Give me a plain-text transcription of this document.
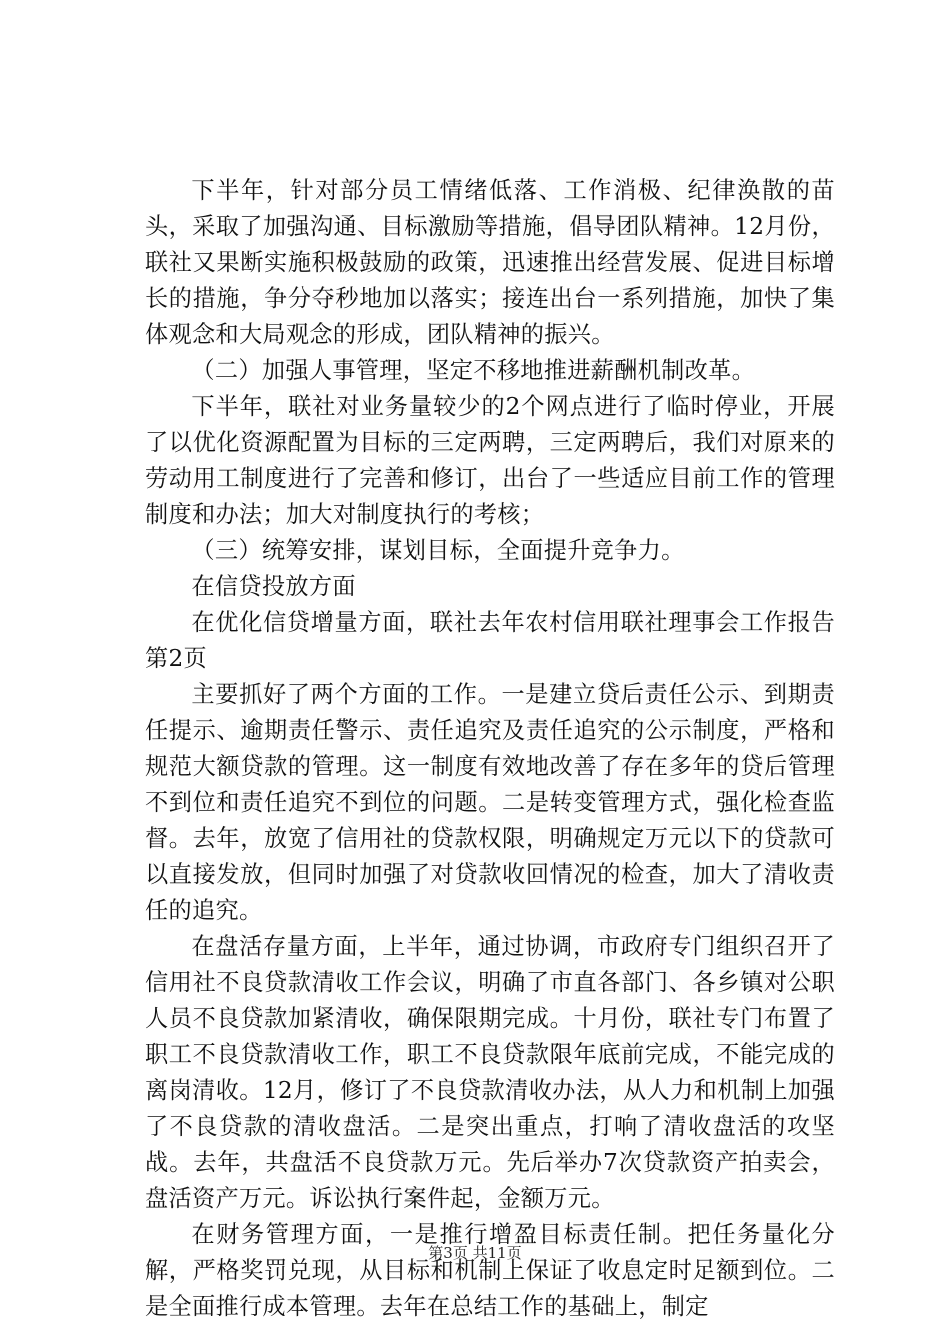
下半年，针对部分员工情绪低落、工作消极、纪律涣散的苗头，采取了加强沟通、目标激励等措施，倡导团队精神。12月份，联社又果断实施积极鼓励的政策，迅速推出经营发展、促进目标增长的措施，争分夺秒地加以落实；接连出台一系列措施，加快了集体观念和大局观念的形成，团队精神的振兴。

（二）加强人事管理，坚定不移地推进薪酬机制改革。

下半年，联社对业务量较少的2个网点进行了临时停业，开展了以优化资源配置为目标的三定两聘，三定两聘后，我们对原来的劳动用工制度进行了完善和修订，出台了一些适应目前工作的管理制度和办法；加大对制度执行的考核；

（三）统筹安排，谋划目标，全面提升竞争力。

在信贷投放方面

在优化信贷增量方面，联社去年农村信用联社理事会工作报告第2页

主要抓好了两个方面的工作。一是建立贷后责任公示、到期责任提示、逾期责任警示、责任追究及责任追究的公示制度，严格和规范大额贷款的管理。这一制度有效地改善了存在多年的贷后管理不到位和责任追究不到位的问题。二是转变管理方式，强化检查监督。去年，放宽了信用社的贷款权限，明确规定万元以下的贷款可以直接发放，但同时加强了对贷款收回情况的检查，加大了清收责任的追究。

在盘活存量方面，上半年，通过协调，市政府专门组织召开了信用社不良贷款清收工作会议，明确了市直各部门、各乡镇对公职人员不良贷款加紧清收，确保限期完成。十月份，联社专门布置了职工不良贷款清收工作，职工不良贷款限年底前完成，不能完成的离岗清收。12月，修订了不良贷款清收办法，从人力和机制上加强了不良贷款的清收盘活。二是突出重点，打响了清收盘活的攻坚战。去年，共盘活不良贷款万元。先后举办7次贷款资产拍卖会，盘活资产万元。诉讼执行案件起，金额万元。

在财务管理方面，一是推行增盈目标责任制。把任务量化分解，严格奖罚兑现，从目标和机制上保证了收息定时足额到位。二是全面推行成本管理。去年在总结工作的基础上，制定

第3页 共11页
